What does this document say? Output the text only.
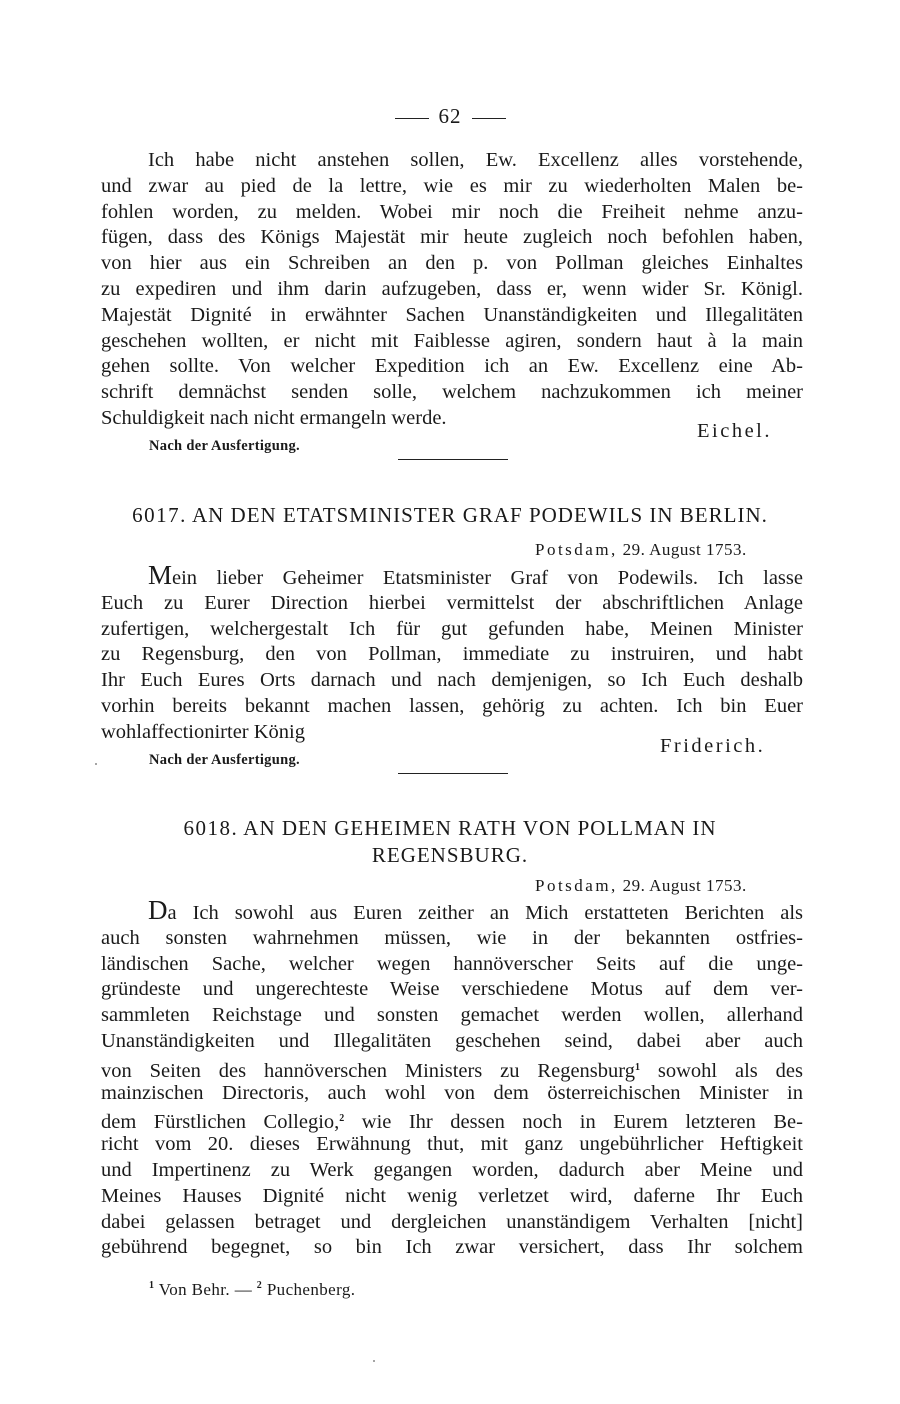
62
Ich habe nicht anstehen sollen, Ew. Excellenz alles vorstehende,
und zwar au pied de la lettre, wie es mir zu wiederholten Malen be-
fohlen worden, zu melden. Wobei mir noch die Freiheit nehme anzu-
fügen, dass des Königs Majestät mir heute zugleich noch befohlen haben,
von hier aus ein Schreiben an den p. von Pollman gleiches Einhaltes
zu expediren und ihm darin aufzugeben, dass er, wenn wider Sr. Königl.
Majestät Dignité in erwähnter Sachen Unanständigkeiten und Illegalitäten
geschehen wollten, er nicht mit Faiblesse agiren, sondern haut à la main
gehen sollte. Von welcher Expedition ich an Ew. Excellenz eine Ab-
schrift demnächst senden solle, welchem nachzukommen ich meiner
Schuldigkeit nach nicht ermangeln werde.
Eichel.
Nach der Ausfertigung.
6017. AN DEN ETATSMINISTER GRAF PODEWILS IN BERLIN.
Potsdam, 29. August 1753.
Mein lieber Geheimer Etatsminister Graf von Podewils. Ich lasse
Euch zu Eurer Direction hierbei vermittelst der abschriftlichen Anlage
zufertigen, welchergestalt Ich für gut gefunden habe, Meinen Minister
zu Regensburg, den von Pollman, immediate zu instruiren, und habt
Ihr Euch Eures Orts darnach und nach demjenigen, so Ich Euch deshalb
vorhin bereits bekannt machen lassen, gehörig zu achten. Ich bin Euer
wohlaffectionirter König
Friderich.
Nach der Ausfertigung.
6018. AN DEN GEHEIMEN RATH VON POLLMAN IN
REGENSBURG.
Potsdam, 29. August 1753.
Da Ich sowohl aus Euren zeither an Mich erstatteten Berichten als
auch sonsten wahrnehmen müssen, wie in der bekannten ostfries-
ländischen Sache, welcher wegen hannöverscher Seits auf die unge-
gründeste und ungerechteste Weise verschiedene Motus auf dem ver-
sammleten Reichstage und sonsten gemachet werden wollen, allerhand
Unanständigkeiten und Illegalitäten geschehen seind, dabei aber auch
von Seiten des hannöverschen Ministers zu Regensburg$^1$ sowohl als des
mainzischen Directoris, auch wohl von dem österreichischen Minister in
dem Fürstlichen Collegio,$^2$ wie Ihr dessen noch in Eurem letzteren Be-
richt vom 20. dieses Erwähnung thut, mit ganz ungebührlicher Heftigkeit
und Impertinenz zu Werk gegangen worden, dadurch aber Meine und
Meines Hauses Dignité nicht wenig verletzet wird, daferne Ihr Euch
dabei gelassen betraget und dergleichen unanständigem Verhalten [nicht]
gebührend begegnet, so bin Ich zwar versichert, dass Ihr solchem
$^1$ Von Behr. — $^2$ Puchenberg.
